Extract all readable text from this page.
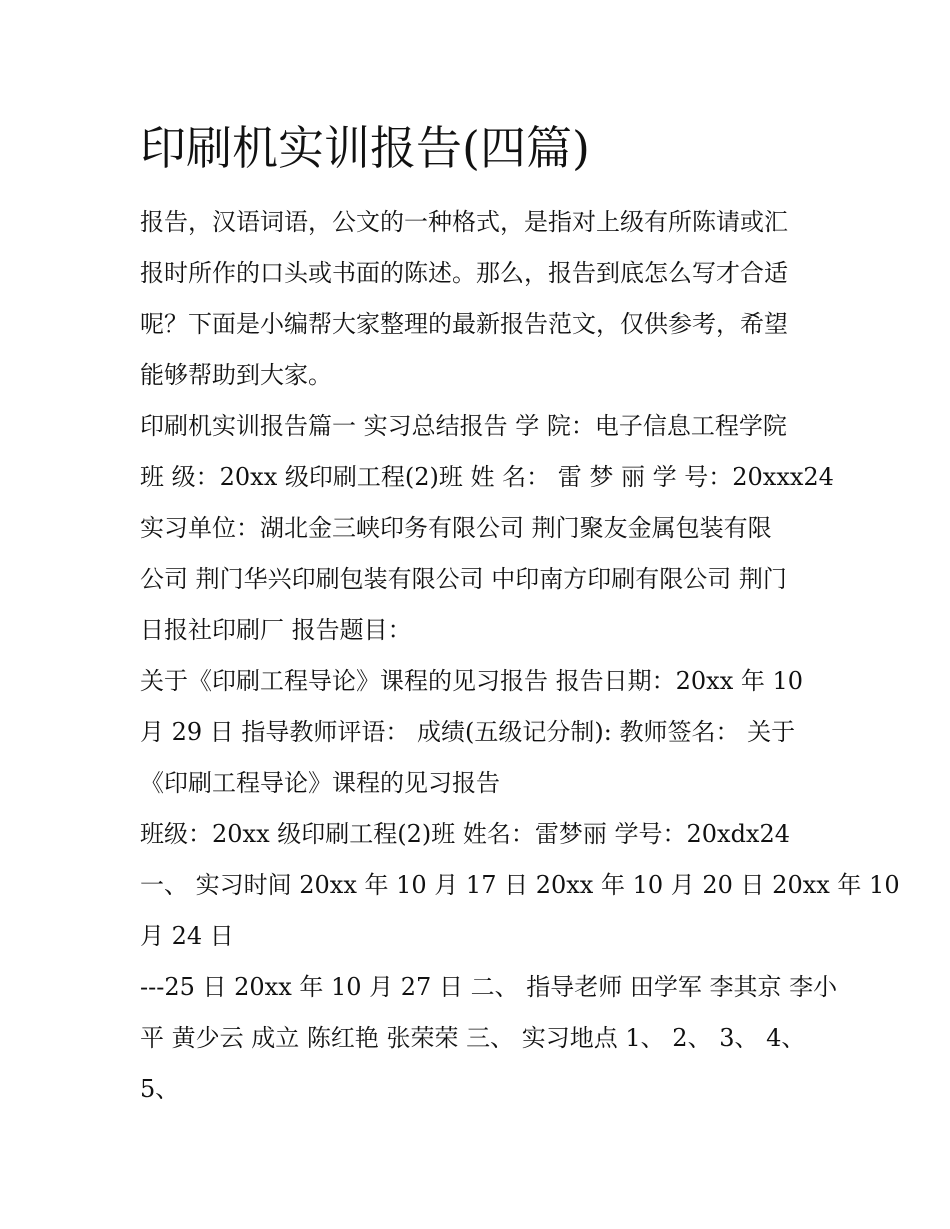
印刷机实训报告(四篇)
报告，汉语词语，公文的一种格式，是指对上级有所陈请或汇
报时所作的口头或书面的陈述。那么，报告到底怎么写才合适
呢？下面是小编帮大家整理的最新报告范文，仅供参考，希望
能够帮助到大家。
印刷机实训报告篇一 实习总结报告 学 院：电子信息工程学院
班 级：20xx 级印刷工程(2)班 姓 名： 雷 梦 丽 学 号：20xxx24
实习单位：湖北金三峡印务有限公司 荆门聚友金属包装有限
公司 荆门华兴印刷包装有限公司 中印南方印刷有限公司 荆门
日报社印刷厂 报告题目：
关于《印刷工程导论》课程的见习报告 报告日期：20xx 年 10
月 29 日 指导教师评语： 成绩(五级记分制): 教师签名： 关于
《印刷工程导论》课程的见习报告
班级：20xx 级印刷工程(2)班 姓名：雷梦丽 学号：20xdx24
一、 实习时间 20xx 年 10 月 17 日 20xx 年 10 月 20 日 20xx 年 10
月 24 日
---25 日 20xx 年 10 月 27 日 二、 指导老师 田学军 李其京 李小
平 黄少云 成立 陈红艳 张荣荣 三、 实习地点 1、 2、 3、 4、
5、
